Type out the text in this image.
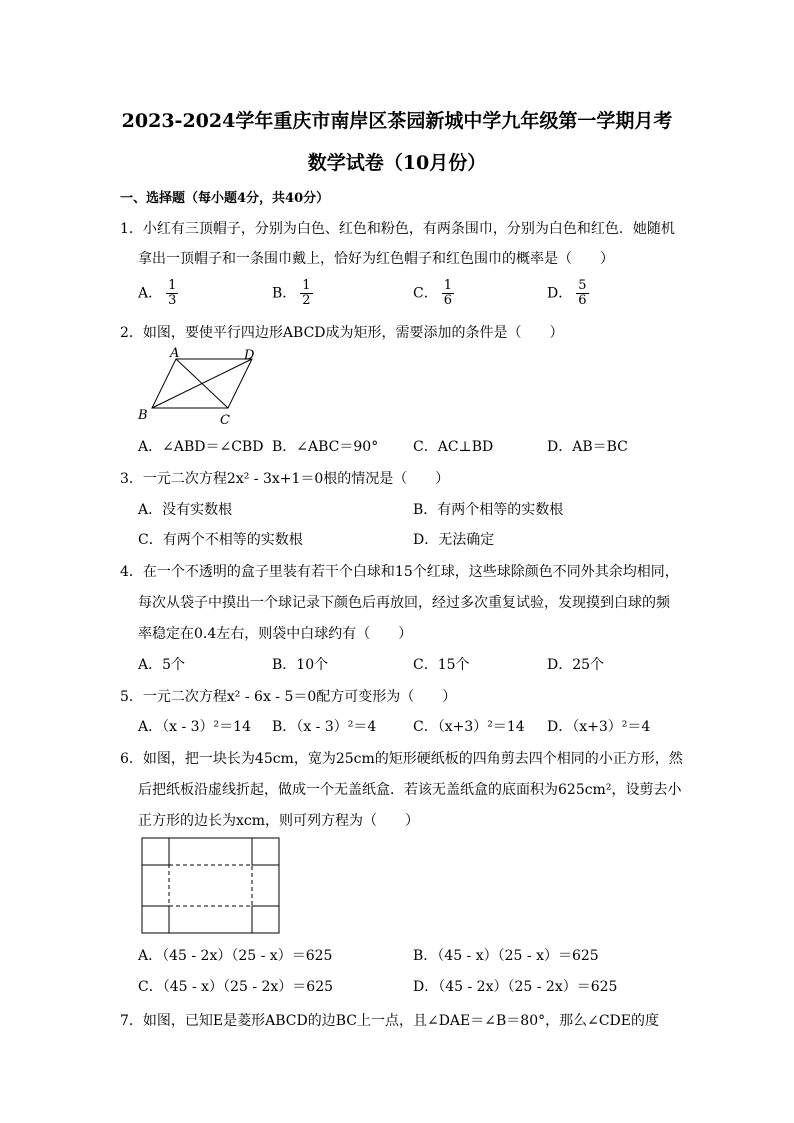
2023-2024学年重庆市南岸区茶园新城中学九年级第一学期月考
数学试卷（10月份）
一、选择题（每小题4分，共40分）
1．小红有三顶帽子，分别为白色、红色和粉色，有两条围巾，分别为白色和红色．她随机
拿出一顶帽子和一条围巾戴上，恰好为红色帽子和红色围巾的概率是（　　）
A． $\frac{1}{3}$	B． $\frac{1}{2}$	C． $\frac{1}{6}$	D． $\frac{5}{6}$
2．如图，要使平行四边形ABCD成为矩形，需要添加的条件是（　　）
A	D
B	C
A．∠ABD＝∠CBD B．∠ABC＝90° C．AC⊥BD	D．AB＝BC
3．一元二次方程2x² - 3x+1＝0根的情况是（　　）
A．没有实数根	B．有两个相等的实数根
C．有两个不相等的实数根	D．无法确定
4．在一个不透明的盒子里装有若干个白球和15个红球，这些球除颜色不同外其余均相同，
每次从袋子中摸出一个球记录下颜色后再放回，经过多次重复试验，发现摸到白球的频
率稳定在0.4左右，则袋中白球约有（　　）
A．5个	B．10个	C．15个	D．25个
5．一元二次方程x² - 6x - 5＝0配方可变形为（　　）
A．（x - 3）²＝14 B．（x - 3）²＝4	C．（x+3）²＝14 D．（x+3）²＝4
6．如图，把一块长为45cm，宽为25cm的矩形硬纸板的四角剪去四个相同的小正方形，然
后把纸板沿虚线折起，做成一个无盖纸盒．若该无盖纸盒的底面积为625cm²，设剪去小
正方形的边长为xcm，则可列方程为（　　）
A．（45 - 2x）（25 - x）＝625	B．（45 - x）（25 - x）＝625
C．（45 - x）（25 - 2x）＝625	D．（45 - 2x）（25 - 2x）＝625
7．如图，已知E是菱形ABCD的边BC上一点，且∠DAE＝∠B＝80°，那么∠CDE的度
